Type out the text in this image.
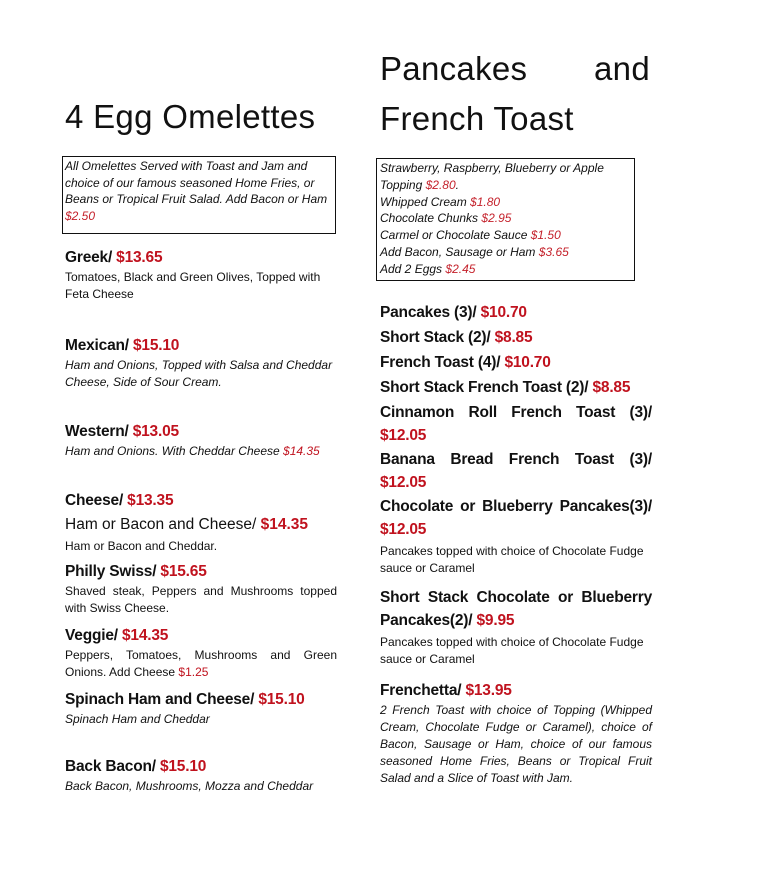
4 Egg Omelettes
All Omelettes Served with Toast and Jam and choice of our famous seasoned Home Fries, or Beans or Tropical Fruit Salad. Add Bacon or Ham
$2.50
Greek/ $13.65
Tomatoes, Black and Green Olives, Topped with Feta Cheese
Mexican/ $15.10
Ham and Onions, Topped with Salsa and Cheddar Cheese, Side of Sour Cream.
Western/ $13.05
Ham and Onions. With Cheddar Cheese $14.35
Cheese/ $13.35
Ham or Bacon and Cheese/ $14.35
Ham or Bacon and Cheddar.
Philly Swiss/ $15.65
Shaved steak, Peppers and Mushrooms topped with Swiss Cheese.
Veggie/ $14.35
Peppers, Tomatoes, Mushrooms and Green Onions. Add Cheese $1.25
Spinach Ham and Cheese/ $15.10
Spinach Ham and Cheddar
Back Bacon/ $15.10
Back Bacon, Mushrooms, Mozza and Cheddar
Pancakes and
French Toast
Strawberry, Raspberry, Blueberry or Apple Topping $2.80.
Whipped Cream $1.80
Chocolate Chunks $2.95
Carmel or Chocolate Sauce $1.50
Add Bacon, Sausage or Ham $3.65
Add 2 Eggs $2.45
Pancakes (3)/ $10.70
Short Stack (2)/ $8.85
French Toast (4)/ $10.70
Short Stack French Toast (2)/ $8.85
Cinnamon Roll French Toast (3)/ $12.05
Banana Bread French Toast (3)/ $12.05
Chocolate or Blueberry Pancakes(3)/ $12.05
Pancakes topped with choice of Chocolate Fudge sauce or Caramel
Short Stack Chocolate or Blueberry Pancakes(2)/ $9.95
Pancakes topped with choice of Chocolate Fudge sauce or Caramel
Frenchetta/ $13.95
2 French Toast with choice of Topping (Whipped Cream, Chocolate Fudge or Caramel), choice of Bacon, Sausage or Ham, choice of our famous seasoned Home Fries, Beans or Tropical Fruit Salad and a Slice of Toast with Jam.
